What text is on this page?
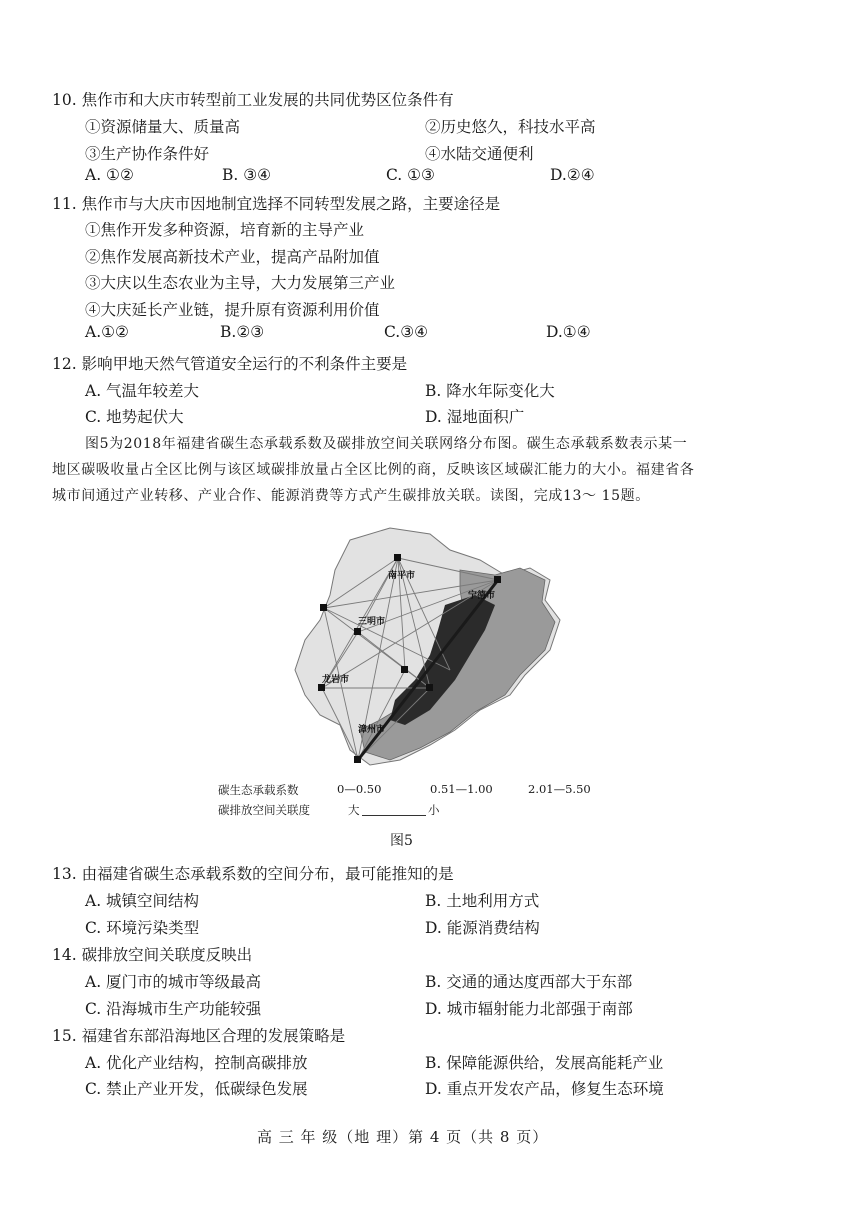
10. 焦作市和大庆市转型前工业发展的共同优势区位条件有
①资源储量大、质量高	②历史悠久，科技水平高
③生产协作条件好	④水陆交通便利
A. ①②	B. ③④	C. ①③	D.②④
11. 焦作市与大庆市因地制宜选择不同转型发展之路，主要途径是
①焦作开发多种资源，培育新的主导产业
②焦作发展高新技术产业，提高产品附加值
③大庆以生态农业为主导，大力发展第三产业
④大庆延长产业链，提升原有资源利用价值
A.①②	B.②③	C.③④	D.①④
12. 影响甲地天然气管道安全运行的不利条件主要是
A. 气温年较差大	B. 降水年际变化大
C. 地势起伏大	D. 湿地面积广
图5为2018年福建省碳生态承载系数及碳排放空间关联网络分布图。碳生态承载系数表示某一
地区碳吸收量占全区比例与该区域碳排放量占全区比例的商，反映该区域碳汇能力的大小。福建省各
城市间通过产业转移、产业合作、能源消费等方式产生碳排放关联。读图，完成13～ 15题。
南平市
宁德市
三明市
龙岩市
漳州市
碳生态承载系数	0—0.50	0.51—1.00	2.01—5.50
碳排放空间关联度	大	小
图5
13. 由福建省碳生态承载系数的空间分布，最可能推知的是
A. 城镇空间结构	B. 土地利用方式
C. 环境污染类型	D. 能源消费结构
14. 碳排放空间关联度反映出
A. 厦门市的城市等级最高	B. 交通的通达度西部大于东部
C. 沿海城市生产功能较强	D. 城市辐射能力北部强于南部
15. 福建省东部沿海地区合理的发展策略是
A. 优化产业结构，控制高碳排放	B. 保障能源供给，发展高能耗产业
C. 禁止产业开发，低碳绿色发展	D. 重点开发农产品，修复生态环境
高 三 年 级（地 理）第 4 页（共 8 页）
